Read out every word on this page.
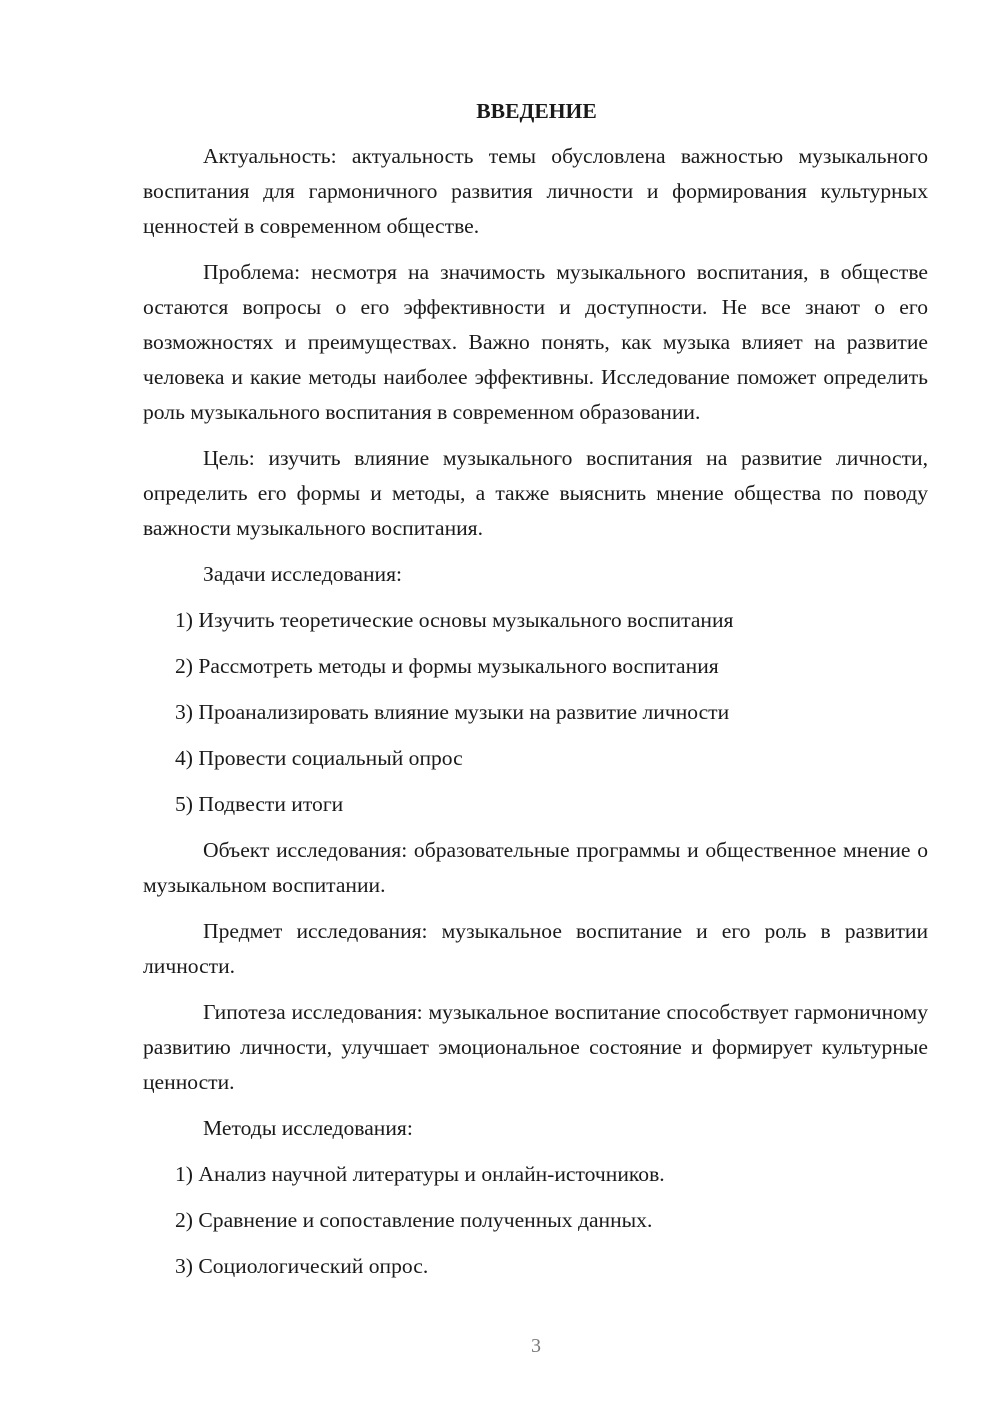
ВВЕДЕНИЕ

Актуальность: актуальность темы обусловлена важностью музыкального воспитания для гармоничного развития личности и формирования культурных ценностей в современном обществе.

Проблема: несмотря на значимость музыкального воспитания, в обществе остаются вопросы о его эффективности и доступности. Не все знают о его возможностях и преимуществах. Важно понять, как музыка влияет на развитие человека и какие методы наиболее эффективны. Исследование поможет определить роль музыкального воспитания в современном образовании.

Цель: изучить влияние музыкального воспитания на развитие личности, определить его формы и методы, а также выяснить мнение общества по поводу важности музыкального воспитания.

Задачи исследования:

1) Изучить теоретические основы музыкального воспитания
2) Рассмотреть методы и формы музыкального воспитания
3) Проанализировать влияние музыки на развитие личности
4) Провести социальный опрос
5) Подвести итоги

Объект исследования: образовательные программы и общественное мнение о музыкальном воспитании.

Предмет исследования: музыкальное воспитание и его роль в развитии личности.

Гипотеза исследования: музыкальное воспитание способствует гармоничному развитию личности, улучшает эмоциональное состояние и формирует культурные ценности.

Методы исследования:

1) Анализ научной литературы и онлайн-источников.
2) Сравнение и сопоставление полученных данных.
3) Социологический опрос.
3
